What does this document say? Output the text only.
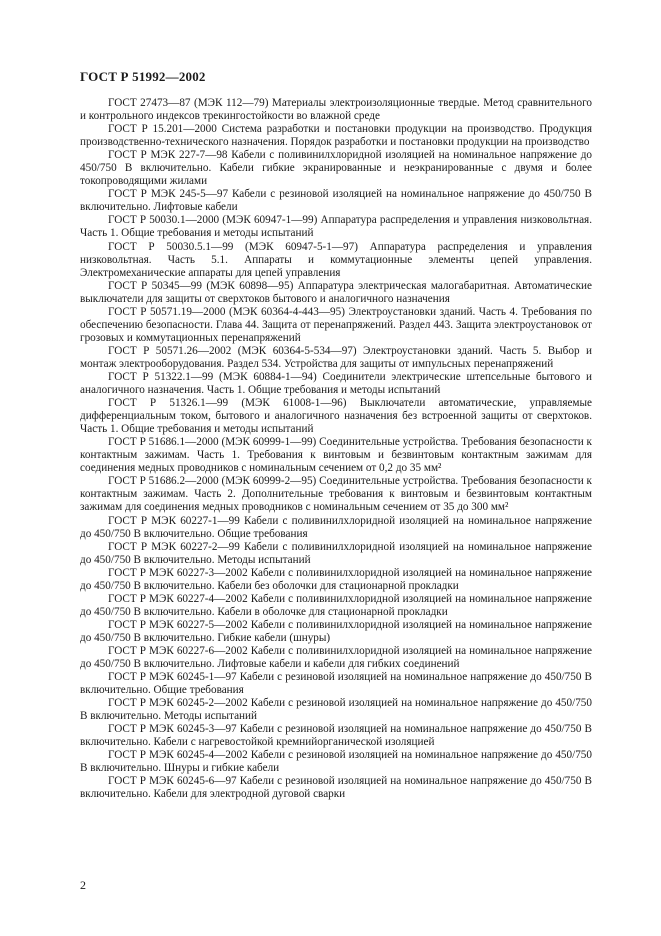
ГОСТ Р 51992—2002

ГОСТ 27473—87 (МЭК 112—79) Материалы электроизоляционные твердые. Метод сравнительного и контрольного индексов трекингостойкости во влажной среде

ГОСТ Р 15.201—2000 Система разработки и постановки продукции на производство. Продукция производственно-технического назначения. Порядок разработки и постановки продукции на производство

ГОСТ Р МЭК 227-7—98 Кабели с поливинилхлоридной изоляцией на номинальное напряжение до 450/750 В включительно. Кабели гибкие экранированные и неэкранированные с двумя и более токопроводящими жилами

ГОСТ Р МЭК 245-5—97 Кабели с резиновой изоляцией на номинальное напряжение до 450/750 В включительно. Лифтовые кабели

ГОСТ Р 50030.1—2000 (МЭК 60947-1—99) Аппаратура распределения и управления низковольтная. Часть 1. Общие требования и методы испытаний

ГОСТ Р 50030.5.1—99 (МЭК 60947-5-1—97) Аппаратура распределения и управления низковольтная. Часть 5.1. Аппараты и коммутационные элементы цепей управления. Электромеханические аппараты для цепей управления

ГОСТ Р 50345—99 (МЭК 60898—95) Аппаратура электрическая малогабаритная. Автоматические выключатели для защиты от сверхтоков бытового и аналогичного назначения

ГОСТ Р 50571.19—2000 (МЭК 60364-4-443—95) Электроустановки зданий. Часть 4. Требования по обеспечению безопасности. Глава 44. Защита от перенапряжений. Раздел 443. Защита электроустановок от грозовых и коммутационных перенапряжений

ГОСТ Р 50571.26—2002 (МЭК 60364-5-534—97) Электроустановки зданий. Часть 5. Выбор и монтаж электрооборудования. Раздел 534. Устройства для защиты от импульсных перенапряжений

ГОСТ Р 51322.1—99 (МЭК 60884-1—94) Соединители электрические штепсельные бытового и аналогичного назначения. Часть 1. Общие требования и методы испытаний

ГОСТ Р 51326.1—99 (МЭК 61008-1—96) Выключатели автоматические, управляемые дифференциальным током, бытового и аналогичного назначения без встроенной защиты от сверхтоков. Часть 1. Общие требования и методы испытаний

ГОСТ Р 51686.1—2000 (МЭК 60999-1—99) Соединительные устройства. Требования безопасности к контактным зажимам. Часть 1. Требования к винтовым и безвинтовым контактным зажимам для соединения медных проводников с номинальным сечением от 0,2 до 35 мм²

ГОСТ Р 51686.2—2000 (МЭК 60999-2—95) Соединительные устройства. Требования безопасности к контактным зажимам. Часть 2. Дополнительные требования к винтовым и безвинтовым контактным зажимам для соединения медных проводников с номинальным сечением от 35 до 300 мм²

ГОСТ Р МЭК 60227-1—99 Кабели с поливинилхлоридной изоляцией на номинальное напряжение до 450/750 В включительно. Общие требования

ГОСТ Р МЭК 60227-2—99 Кабели с поливинилхлоридной изоляцией на номинальное напряжение до 450/750 В включительно. Методы испытаний

ГОСТ Р МЭК 60227-3—2002 Кабели с поливинилхлоридной изоляцией на номинальное напряжение до 450/750 В включительно. Кабели без оболочки для стационарной прокладки

ГОСТ Р МЭК 60227-4—2002 Кабели с поливинилхлоридной изоляцией на номинальное напряжение до 450/750 В включительно. Кабели в оболочке для стационарной прокладки

ГОСТ Р МЭК 60227-5—2002 Кабели с поливинилхлоридной изоляцией на номинальное напряжение до 450/750 В включительно. Гибкие кабели (шнуры)

ГОСТ Р МЭК 60227-6—2002 Кабели с поливинилхлоридной изоляцией на номинальное напряжение до 450/750 В включительно. Лифтовые кабели и кабели для гибких соединений

ГОСТ Р МЭК 60245-1—97 Кабели с резиновой изоляцией на номинальное напряжение до 450/750 В включительно. Общие требования

ГОСТ Р МЭК 60245-2—2002 Кабели с резиновой изоляцией на номинальное напряжение до 450/750 В включительно. Методы испытаний

ГОСТ Р МЭК 60245-3—97 Кабели с резиновой изоляцией на номинальное напряжение до 450/750 В включительно. Кабели с нагревостойкой кремнийорганической изоляцией

ГОСТ Р МЭК 60245-4—2002 Кабели с резиновой изоляцией на номинальное напряжение до 450/750 В включительно. Шнуры и гибкие кабели

ГОСТ Р МЭК 60245-6—97 Кабели с резиновой изоляцией на номинальное напряжение до 450/750 В включительно. Кабели для электродной дуговой сварки

2
